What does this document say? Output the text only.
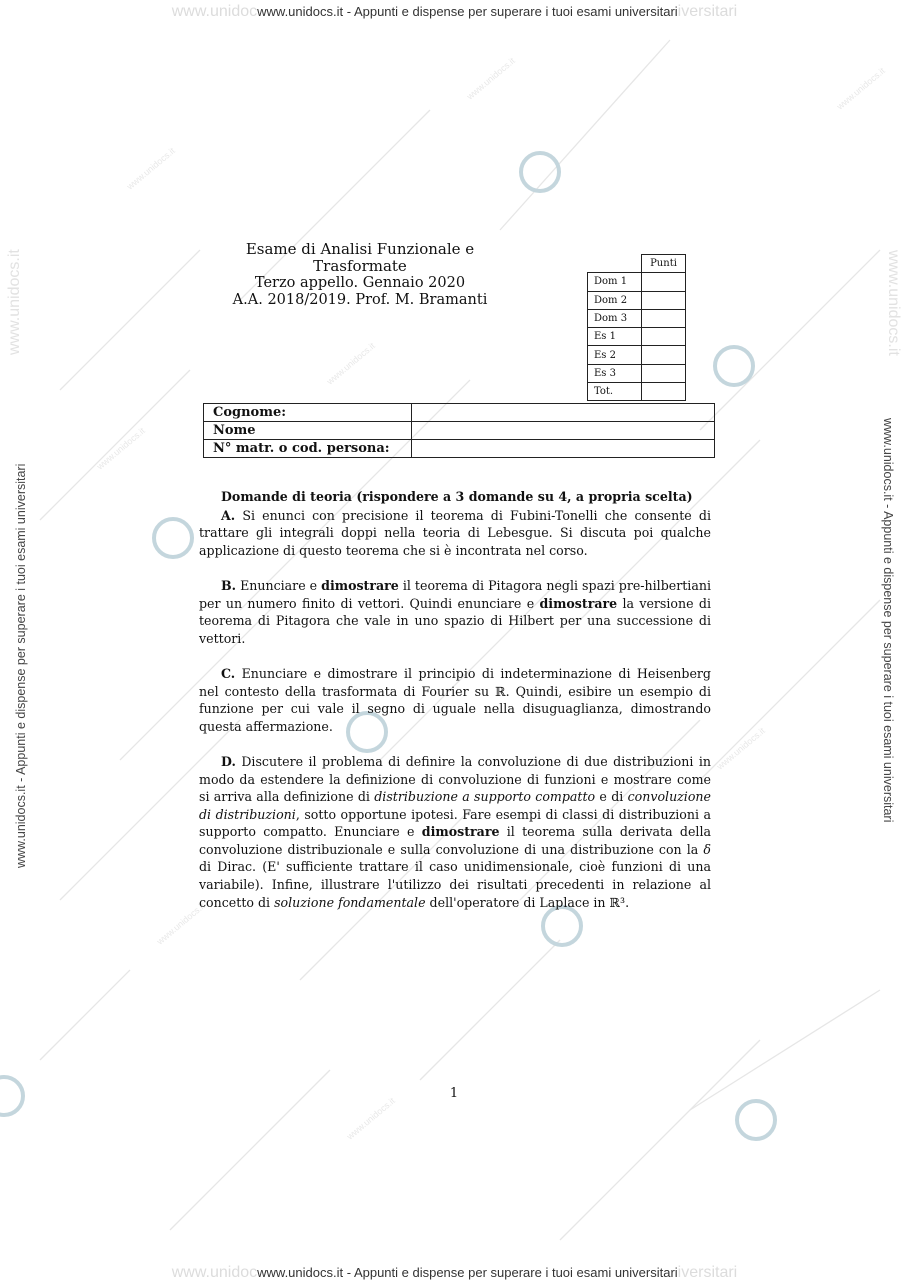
www.unidocs.it
www.unidocs.it
www.unidocs.it
www.unidocs.it
www.unidocs.it
www.unidocs.it
www.unidocs.it
www.unidocs.it
www.unidocwww.unidocs.it - Appunti e dispense per superare i tuoi esami universitariiversitari
www.unidocwww.unidocs.it - Appunti e dispense per superare i tuoi esami universitariiversitari
www.unidocs.it - Appunti e dispense per superare i tuoi esami universitari	www.unidocs.it - Appunti e dispense per superare i tuoi esami universitari
www.unidocs.it	www.unidocs.it
Esame di Analisi Funzionale e Trasformate
Terzo appello. Gennaio 2020
A.A. 2018/2019. Prof. M. Bramanti
	Punti
Dom 1	
Dom 2	
Dom 3	
Es 1	
Es 2	
Es 3	
Tot.	
Cognome:	
Nome	
N° matr. o cod. persona:	
Domande di teoria (rispondere a 3 domande su 4, a propria scelta)

A. Si enunci con precisione il teorema di Fubini-Tonelli che consente di trattare gli integrali doppi nella teoria di Lebesgue. Si discuta poi qualche applicazione di questo teorema che si è incontrata nel corso.

B. Enunciare e dimostrare il teorema di Pitagora negli spazi pre-hilbertiani per un numero finito di vettori. Quindi enunciare e dimostrare la versione di teorema di Pitagora che vale in uno spazio di Hilbert per una successione di vettori.

C. Enunciare e dimostrare il principio di indeterminazione di Heisenberg nel contesto della trasformata di Fourier su ℝ. Quindi, esibire un esempio di funzione per cui vale il segno di uguale nella disuguaglianza, dimostrando questa affermazione.

D. Discutere il problema di definire la convoluzione di due distribuzioni in modo da estendere la definizione di convoluzione di funzioni e mostrare come si arriva alla definizione di distribuzione a supporto compatto e di convoluzione di distribuzioni, sotto opportune ipotesi. Fare esempi di classi di distribuzioni a supporto compatto. Enunciare e dimostrare il teorema sulla derivata della convoluzione distribuzionale e sulla convoluzione di una distribuzione con la δ di Dirac. (E' sufficiente trattare il caso unidimensionale, cioè funzioni di una variabile). Infine, illustrare l'utilizzo dei risultati precedenti in relazione al concetto di soluzione fondamentale dell'operatore di Laplace in ℝ³.

1
